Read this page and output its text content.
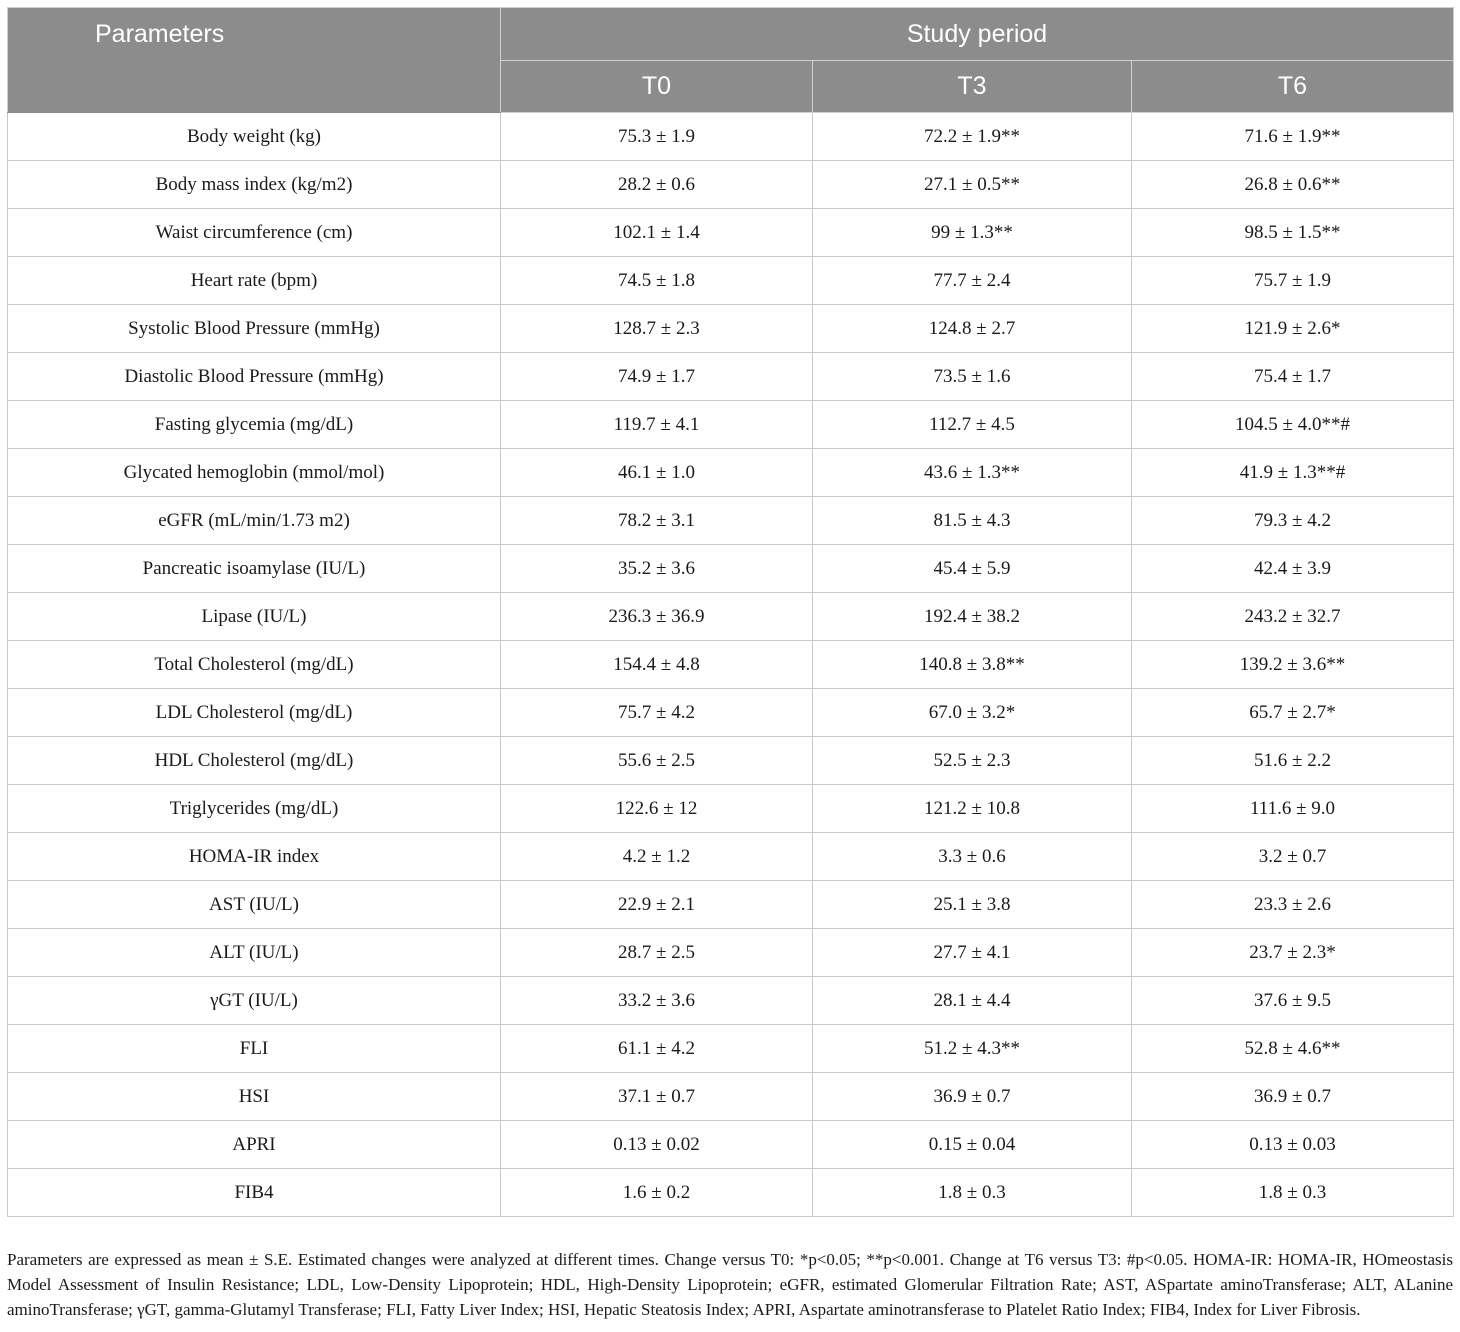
Parameters	Study period		
	T0	T3	T6
Body weight (kg)	75.3 ± 1.9	72.2 ± 1.9**	71.6 ± 1.9**
Body mass index (kg/m2)	28.2 ± 0.6	27.1 ± 0.5**	26.8 ± 0.6**
Waist circumference (cm)	102.1 ± 1.4	99 ± 1.3**	98.5 ± 1.5**
Heart rate (bpm)	74.5 ± 1.8	77.7 ± 2.4	75.7 ± 1.9
Systolic Blood Pressure (mmHg)	128.7 ± 2.3	124.8 ± 2.7	121.9 ± 2.6*
Diastolic Blood Pressure (mmHg)	74.9 ± 1.7	73.5 ± 1.6	75.4 ± 1.7
Fasting glycemia (mg/dL)	119.7 ± 4.1	112.7 ± 4.5	104.5 ± 4.0**#
Glycated hemoglobin (mmol/mol)	46.1 ± 1.0	43.6 ± 1.3**	41.9 ± 1.3**#
eGFR (mL/min/1.73 m2)	78.2 ± 3.1	81.5 ± 4.3	79.3 ± 4.2
Pancreatic isoamylase (IU/L)	35.2 ± 3.6	45.4 ± 5.9	42.4 ± 3.9
Lipase (IU/L)	236.3 ± 36.9	192.4 ± 38.2	243.2 ± 32.7
Total Cholesterol (mg/dL)	154.4 ± 4.8	140.8 ± 3.8**	139.2 ± 3.6**
LDL Cholesterol (mg/dL)	75.7 ± 4.2	67.0 ± 3.2*	65.7 ± 2.7*
HDL Cholesterol (mg/dL)	55.6 ± 2.5	52.5 ± 2.3	51.6 ± 2.2
Triglycerides (mg/dL)	122.6 ± 12	121.2 ± 10.8	111.6 ± 9.0
HOMA-IR index	4.2 ± 1.2	3.3 ± 0.6	3.2 ± 0.7
AST (IU/L)	22.9 ± 2.1	25.1 ± 3.8	23.3 ± 2.6
ALT (IU/L)	28.7 ± 2.5	27.7 ± 4.1	23.7 ± 2.3*
γGT (IU/L)	33.2 ± 3.6	28.1 ± 4.4	37.6 ± 9.5
FLI	61.1 ± 4.2	51.2 ± 4.3**	52.8 ± 4.6**
HSI	37.1 ± 0.7	36.9 ± 0.7	36.9 ± 0.7
APRI	0.13 ± 0.02	0.15 ± 0.04	0.13 ± 0.03
FIB4	1.6 ± 0.2	1.8 ± 0.3	1.8 ± 0.3

Parameters are expressed as mean ± S.E. Estimated changes were analyzed at different times. Change versus T0: *p<0.05; **p<0.001. Change at T6 versus T3: #p<0.05. HOMA-IR: HOMA-IR, HOmeostasis Model Assessment of Insulin Resistance; LDL, Low-Density Lipoprotein; HDL, High-Density Lipoprotein; eGFR, estimated Glomerular Filtration Rate; AST, ASpartate aminoTransferase; ALT, ALanine aminoTransferase; γGT, gamma-Glutamyl Transferase; FLI, Fatty Liver Index; HSI, Hepatic Steatosis Index; APRI, Aspartate aminotransferase to Platelet Ratio Index; FIB4, Index for Liver Fibrosis.
